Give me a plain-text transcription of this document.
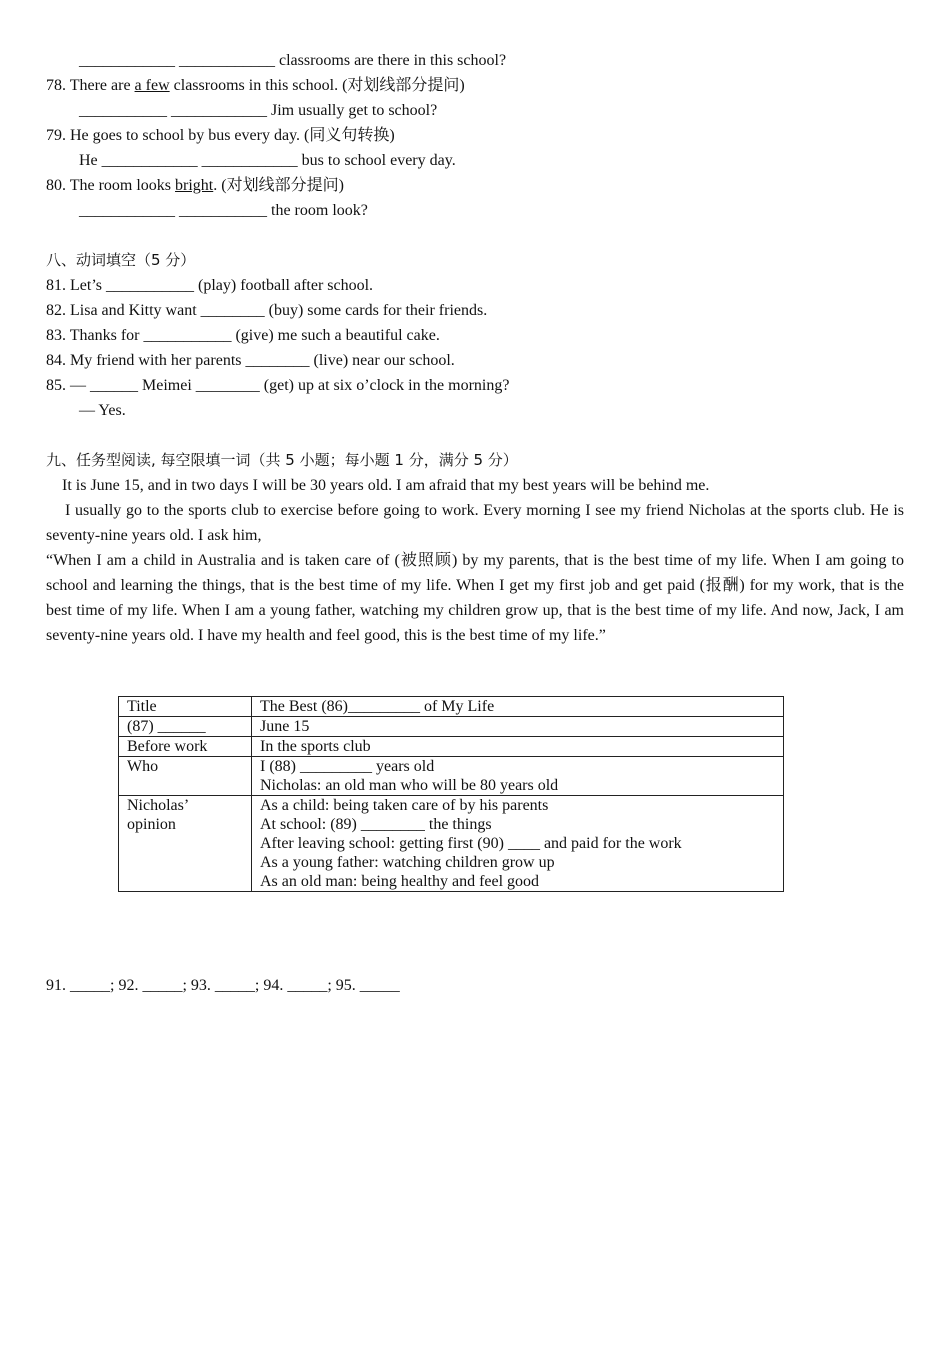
____________ ____________ classrooms are there in this school?
78. There are a few classrooms in this school. (对划线部分提问)
___________ ____________ Jim usually get to school?
79. He goes to school by bus every day. (同义句转换)
He ____________ ____________ bus to school every day.
80. The room looks bright. (对划线部分提问)
____________ ___________ the room look?
八、动词填空（5 分）
81. Let’s ___________ (play) football after school.
82. Lisa and Kitty want ________ (buy) some cards for their friends.
83. Thanks for ___________ (give) me such a beautiful cake.
84. My friend with her parents ________ (live) near our school.
85. — ______ Meimei ________ (get) up at six o’clock in the morning?
— Yes.
九、任务型阅读, 每空限填一词（共 5 小题；每小题 1 分，满分 5 分）
It is June 15, and in two days I will be 30 years old. I am afraid that my best years will be behind me.
I usually go to the sports club to exercise before going to work. Every morning I see my friend Nicholas at the sports club. He is seventy-nine years old. I ask him,
“When I am a child in Australia and is taken care of (被照顾) by my parents, that is the best time of my life. When I am going to school and learning the things, that is the best time of my life. When I get my first job and get paid (报酬) for my work, that is the best time of my life. When I am a young father, watching my children grow up, that is the best time of my life. And now, Jack, I am seventy-nine years old. I have my health and feel good, this is the best time of my life.”
Title	The Best (86)_________ of My Life
(87) ______	June 15
Before work	In the sports club
Who	I (88) _________ years old
Nicholas: an old man who will be 80 years old

Nicholas’
opinion	As a child: being taken care of by his parents
At school: (89) ________ the things
After leaving school: getting first (90) ____ and paid for the work
As a young father: watching children grow up
As an old man: being healthy and feel good
91. _____; 92. _____; 93. _____; 94. _____; 95. _____
